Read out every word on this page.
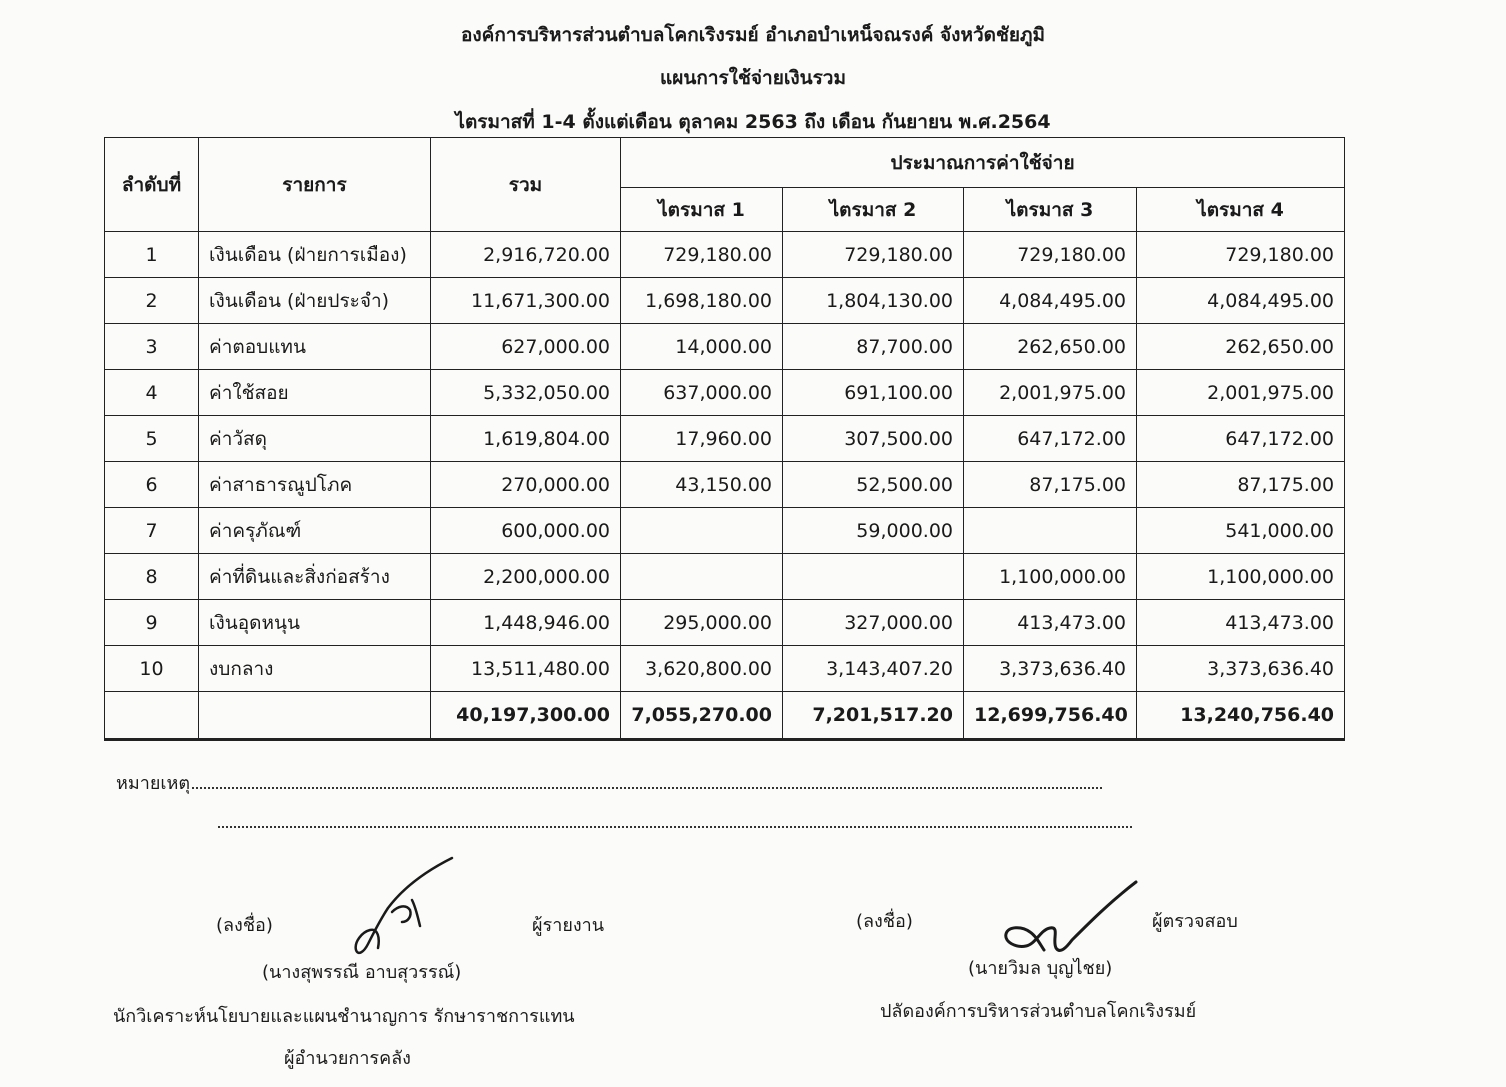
องค์การบริหารส่วนตำบลโคกเริงรมย์ อำเภอบำเหน็จณรงค์ จังหวัดชัยภูมิ
แผนการใช้จ่ายเงินรวม
ไตรมาสที่ 1-4 ตั้งแต่เดือน ตุลาคม 2563 ถึง เดือน กันยายน พ.ศ.2564
ลำดับที่	รายการ	รวม	ประมาณการค่าใช้จ่าย			
			ไตรมาส 1	ไตรมาส 2	ไตรมาส 3	ไตรมาส 4
1	เงินเดือน (ฝ่ายการเมือง)	2,916,720.00	729,180.00	729,180.00	729,180.00	729,180.00
2	เงินเดือน (ฝ่ายประจำ)	11,671,300.00	1,698,180.00	1,804,130.00	4,084,495.00	4,084,495.00
3	ค่าตอบแทน	627,000.00	14,000.00	87,700.00	262,650.00	262,650.00
4	ค่าใช้สอย	5,332,050.00	637,000.00	691,100.00	2,001,975.00	2,001,975.00
5	ค่าวัสดุ	1,619,804.00	17,960.00	307,500.00	647,172.00	647,172.00
6	ค่าสาธารณูปโภค	270,000.00	43,150.00	52,500.00	87,175.00	87,175.00
7	ค่าครุภัณฑ์	600,000.00		59,000.00		541,000.00
8	ค่าที่ดินและสิ่งก่อสร้าง	2,200,000.00			1,100,000.00	1,100,000.00
9	เงินอุดหนุน	1,448,946.00	295,000.00	327,000.00	413,473.00	413,473.00
10	งบกลาง	13,511,480.00	3,620,800.00	3,143,407.20	3,373,636.40	3,373,636.40
		40,197,300.00	7,055,270.00	7,201,517.20	12,699,756.40	13,240,756.40
หมายเหตุ
(ลงชื่อ)	ผู้รายงาน
(นางสุพรรณี อาบสุวรรณ์)
นักวิเคราะห์นโยบายและแผนชำนาญการ รักษาราชการแทน
ผู้อำนวยการคลัง
(ลงชื่อ)	ผู้ตรวจสอบ
(นายวิมล บุญไชย)
ปลัดองค์การบริหารส่วนตำบลโคกเริงรมย์
